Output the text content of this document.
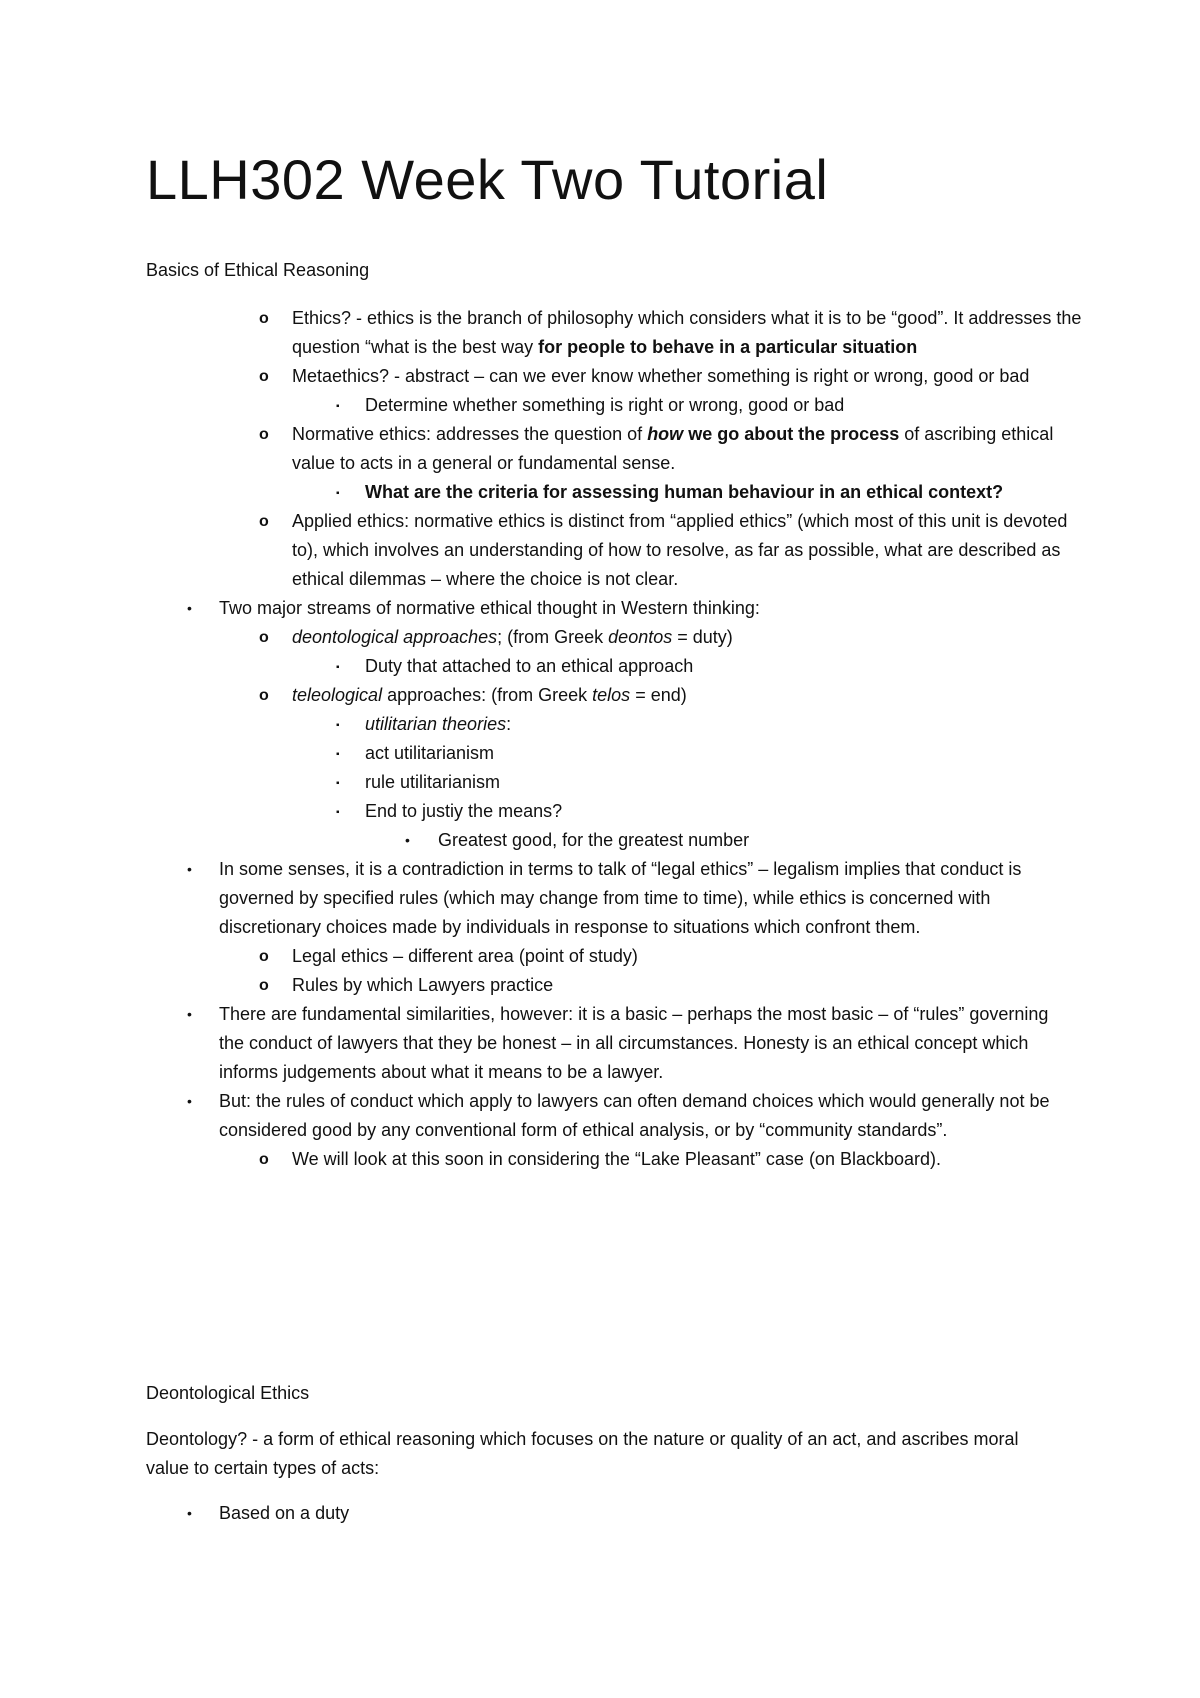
LLH302 Week Two Tutorial

Basics of Ethical Reasoning

o Ethics? - ethics is the branch of philosophy which considers what it is to be “good”. It addresses the question “what is the best way for people to behave in a particular situation
o Metaethics? - abstract – can we ever know whether something is right or wrong, good or bad
▪ Determine whether something is right or wrong, good or bad
o Normative ethics: addresses the question of how we go about the process of ascribing ethical value to acts in a general or fundamental sense.
▪ What are the criteria for assessing human behaviour in an ethical context?
o Applied ethics: normative ethics is distinct from “applied ethics” (which most of this unit is devoted to), which involves an understanding of how to resolve, as far as possible, what are described as ethical dilemmas – where the choice is not clear.
• Two major streams of normative ethical thought in Western thinking:
o deontological approaches; (from Greek deontos = duty)
▪ Duty that attached to an ethical approach
o teleological approaches: (from Greek telos = end)
▪ utilitarian theories:
▪ act utilitarianism
▪ rule utilitarianism
▪ End to justiy the means?
• Greatest good, for the greatest number
• In some senses, it is a contradiction in terms to talk of “legal ethics” – legalism implies that conduct is governed by specified rules (which may change from time to time), while ethics is concerned with discretionary choices made by individuals in response to situations which confront them.
o Legal ethics – different area (point of study)
o Rules by which Lawyers practice
• There are fundamental similarities, however: it is a basic – perhaps the most basic – of “rules” governing the conduct of lawyers that they be honest – in all circumstances. Honesty is an ethical concept which informs judgements about what it means to be a lawyer.
• But: the rules of conduct which apply to lawyers can often demand choices which would generally not be considered good by any conventional form of ethical analysis, or by “community standards”.
o We will look at this soon in considering the “Lake Pleasant” case (on Blackboard).

Deontological Ethics

Deontology? - a form of ethical reasoning which focuses on the nature or quality of an act, and ascribes moral value to certain types of acts:

• Based on a duty
